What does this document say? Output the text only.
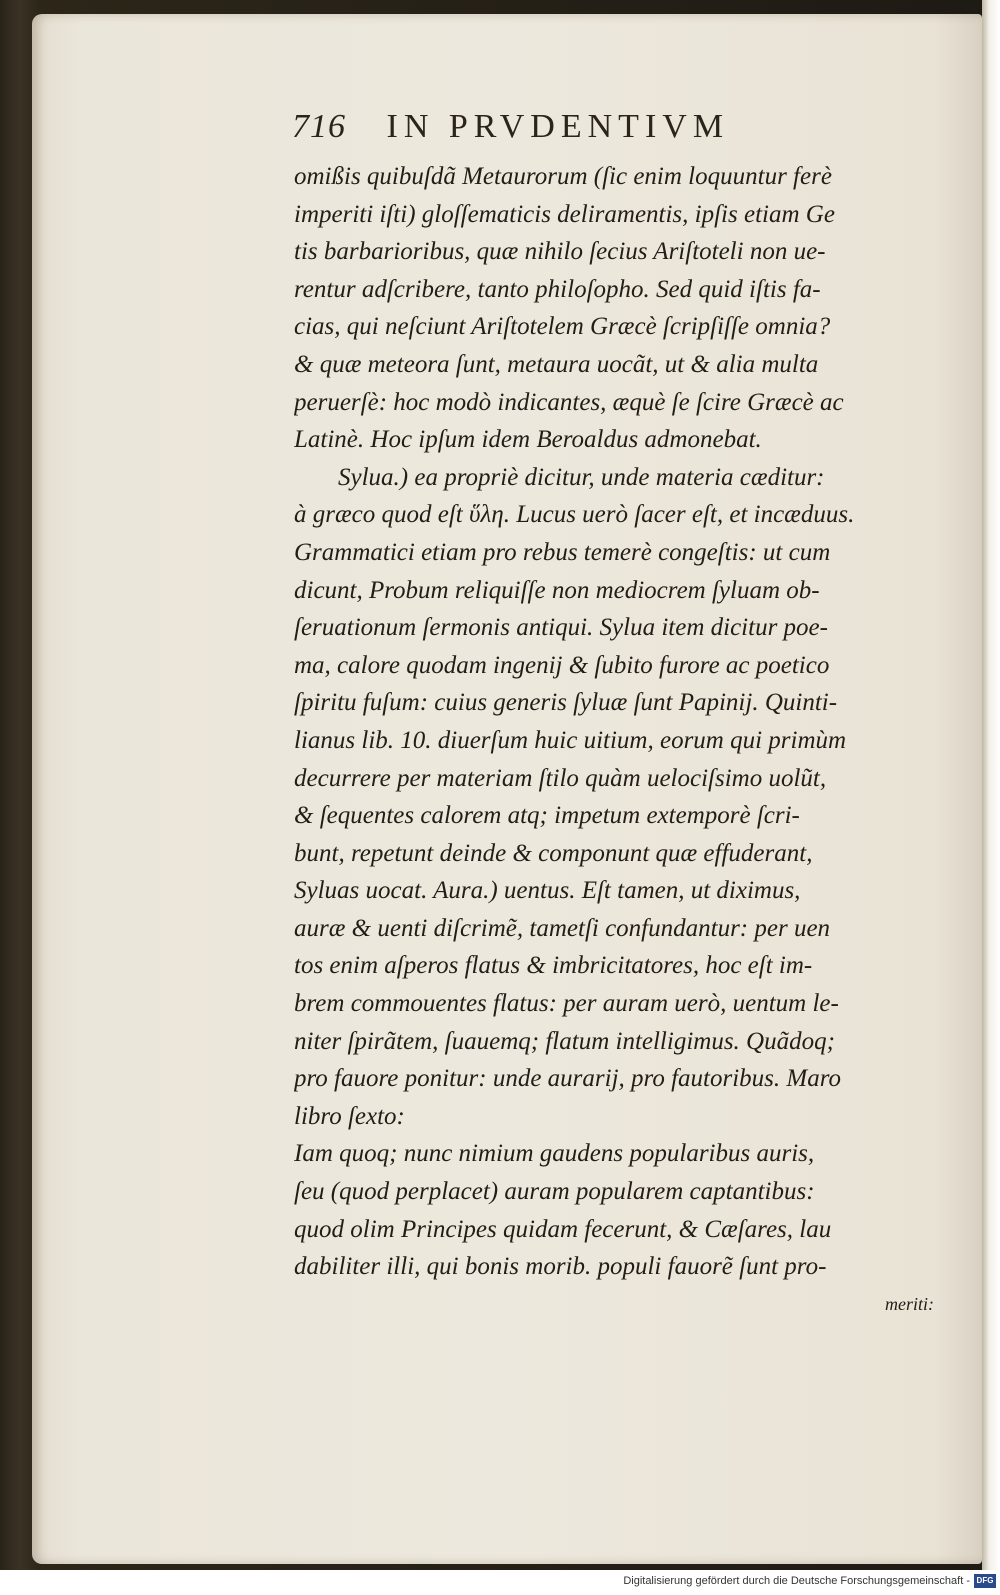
716 IN PRVDENTIVM
omißis quibuſdã Metaurorum (ſic enim loquuntur ferè
imperiti iſti) gloſſematicis deliramentis, ipſis etiam Ge
tis barbarioribus, quæ nihilo ſecius Ariſtoteli non ue-
rentur adſcribere, tanto philoſopho. Sed quid iſtis fa-
cias, qui neſciunt Ariſtotelem Græcè ſcripſiſſe omnia?
& quæ meteora ſunt, metaura uocãt, ut & alia multa
peruerſè: hoc modò indicantes, æquè ſe ſcire Græcè ac
Latinè. Hoc ipſum idem Beroaldus admonebat.
Sylua.) ea propriè dicitur, unde materia cæditur:
à græco quod eſt ὕλη. Lucus uerò ſacer eſt, et incæduus.
Grammatici etiam pro rebus temerè congeſtis: ut cum
dicunt, Probum reliquiſſe non mediocrem ſyluam ob-
ſeruationum ſermonis antiqui. Sylua item dicitur poe-
ma, calore quodam ingenij & ſubito furore ac poetico
ſpiritu fuſum: cuius generis ſyluæ ſunt Papinij. Quinti-
lianus lib. 10. diuerſum huic uitium, eorum qui primùm
decurrere per materiam ſtilo quàm uelociſsimo uolũt,
& ſequentes calorem atq; impetum extemporè ſcri-
bunt, repetunt deinde & componunt quæ effuderant,
Syluas uocat. Aura.) uentus. Eſt tamen, ut diximus,
auræ & uenti diſcrimẽ, tametſi confundantur: per uen
tos enim aſperos flatus & imbricitatores, hoc eſt im-
brem commouentes flatus: per auram uerò, uentum le-
niter ſpirãtem, ſuauemq; flatum intelligimus. Quãdoq;
pro fauore ponitur: unde aurarij, pro fautoribus. Maro
libro ſexto:
Iam quoq; nunc nimium gaudens popularibus auris,
ſeu (quod perplacet) auram popularem captantibus:
quod olim Principes quidam fecerunt, & Cæſares, lau
dabiliter illi, qui bonis morib. populi fauorẽ ſunt pro-
meriti:
Digitalisierung gefördert durch die Deutsche Forschungsgemeinschaft - DFG
